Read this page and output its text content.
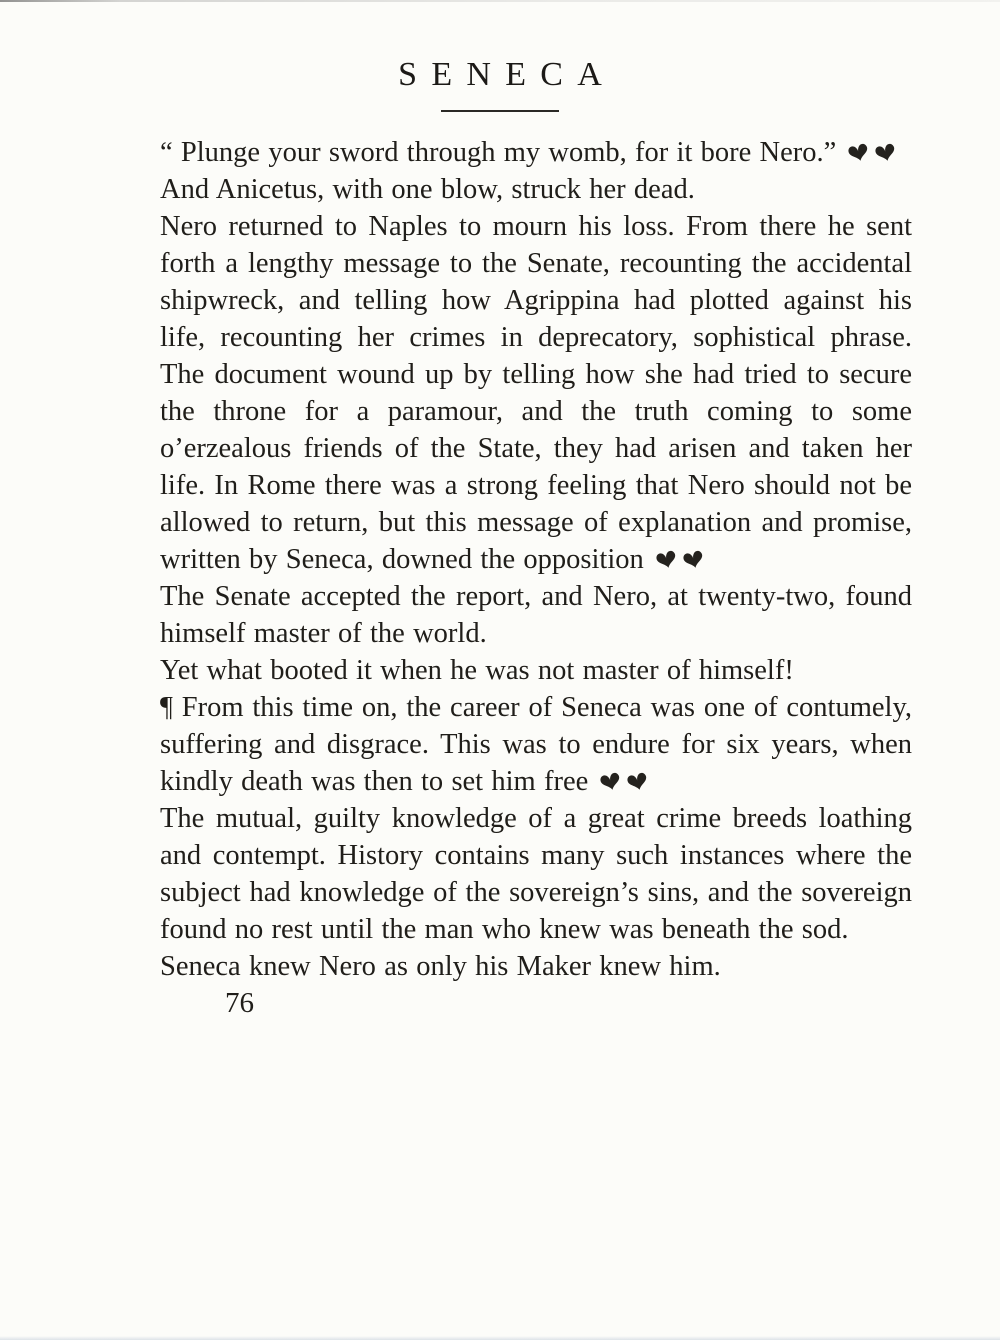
SENECA

“ Plunge your sword through my womb, for it bore Nero.”

And Anicetus, with one blow, struck her dead.

Nero returned to Naples to mourn his loss. From there he sent forth a lengthy message to the Senate, recounting the accidental shipwreck, and telling how Agrippina had plotted against his life, recounting her crimes in deprecatory, sophistical phrase. The document wound up by telling how she had tried to secure the throne for a paramour, and the truth coming to some o’erzealous friends of the State, they had arisen and taken her life. In Rome there was a strong feeling that Nero should not be allowed to return, but this message of explanation and promise, written by Seneca, downed the opposition

The Senate accepted the report, and Nero, at twenty-two, found himself master of the world.

Yet what booted it when he was not master of himself!

¶ From this time on, the career of Seneca was one of contumely, suffering and disgrace. This was to endure for six years, when kindly death was then to set him free

The mutual, guilty knowledge of a great crime breeds loathing and contempt. History contains many such instances where the subject had knowledge of the sovereign’s sins, and the sovereign found no rest until the man who knew was beneath the sod.

Seneca knew Nero as only his Maker knew him.

76
